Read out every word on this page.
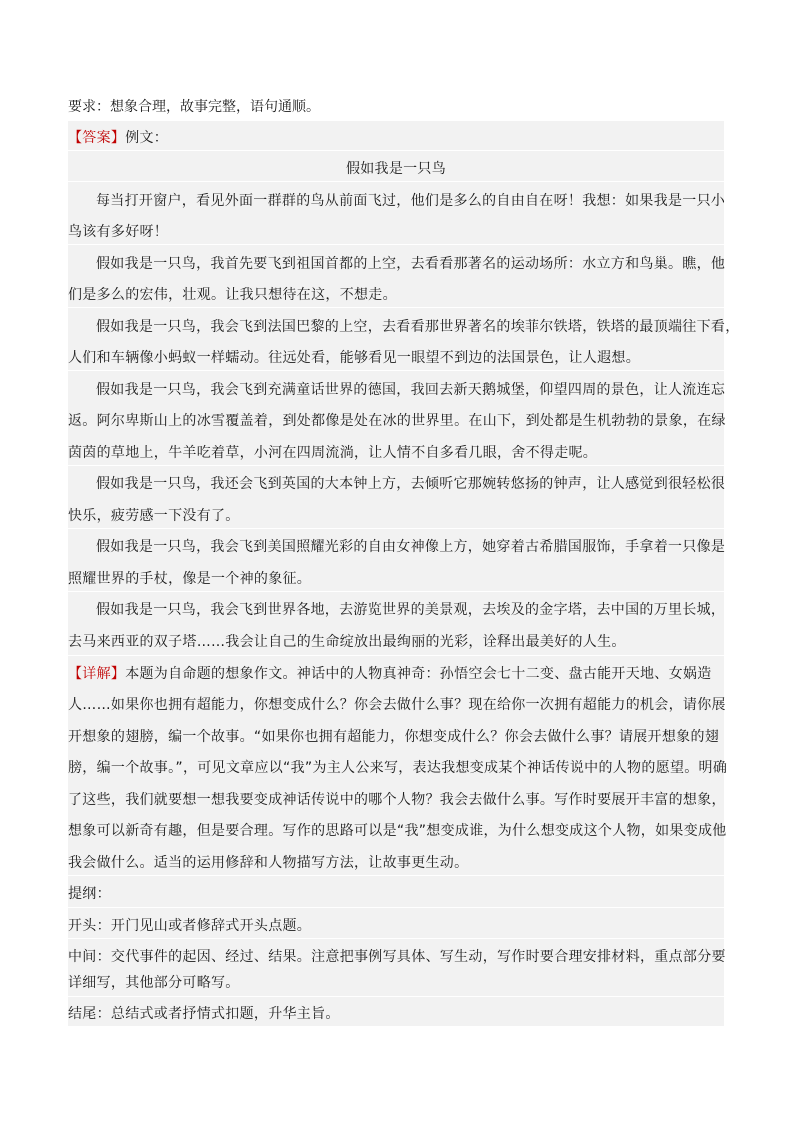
要求：想象合理，故事完整，语句通顺。
【答案】例文：
假如我是一只鸟
每当打开窗户，看见外面一群群的鸟从前面飞过，他们是多么的自由自在呀！我想：如果我是一只小
鸟该有多好呀！
假如我是一只鸟，我首先要飞到祖国首都的上空，去看看那著名的运动场所：水立方和鸟巢。瞧，他
们是多么的宏伟，壮观。让我只想待在这，不想走。
假如我是一只鸟，我会飞到法国巴黎的上空，去看看那世界著名的埃菲尔铁塔，铁塔的最顶端往下看，
人们和车辆像小蚂蚁一样蠕动。往远处看，能够看见一眼望不到边的法国景色，让人遐想。
假如我是一只鸟，我会飞到充满童话世界的德国，我回去新天鹅城堡，仰望四周的景色，让人流连忘
返。阿尔卑斯山上的冰雪覆盖着，到处都像是处在冰的世界里。在山下，到处都是生机勃勃的景象，在绿
茵茵的草地上，牛羊吃着草，小河在四周流淌，让人情不自多看几眼，舍不得走呢。
假如我是一只鸟，我还会飞到英国的大本钟上方，去倾听它那婉转悠扬的钟声，让人感觉到很轻松很
快乐，疲劳感一下没有了。
假如我是一只鸟，我会飞到美国照耀光彩的自由女神像上方，她穿着古希腊国服饰，手拿着一只像是
照耀世界的手杖，像是一个神的象征。
假如我是一只鸟，我会飞到世界各地，去游览世界的美景观，去埃及的金字塔，去中国的万里长城，
去马来西亚的双子塔……我会让自己的生命绽放出最绚丽的光彩，诠释出最美好的人生。
【详解】本题为自命题的想象作文。神话中的人物真神奇：孙悟空会七十二变、盘古能开天地、女娲造
人……如果你也拥有超能力，你想变成什么？你会去做什么事？现在给你一次拥有超能力的机会，请你展
开想象的翅膀，编一个故事。“如果你也拥有超能力，你想变成什么？你会去做什么事？请展开想象的翅
膀，编一个故事。”，可见文章应以“我”为主人公来写，表达我想变成某个神话传说中的人物的愿望。明确
了这些，我们就要想一想我要变成神话传说中的哪个人物？我会去做什么事。写作时要展开丰富的想象，
想象可以新奇有趣，但是要合理。写作的思路可以是“我”想变成谁，为什么想变成这个人物，如果变成他
我会做什么。适当的运用修辞和人物描写方法，让故事更生动。
提纲：
开头：开门见山或者修辞式开头点题。
中间：交代事件的起因、经过、结果。注意把事例写具体、写生动，写作时要合理安排材料，重点部分要
详细写，其他部分可略写。
结尾：总结式或者抒情式扣题，升华主旨。
